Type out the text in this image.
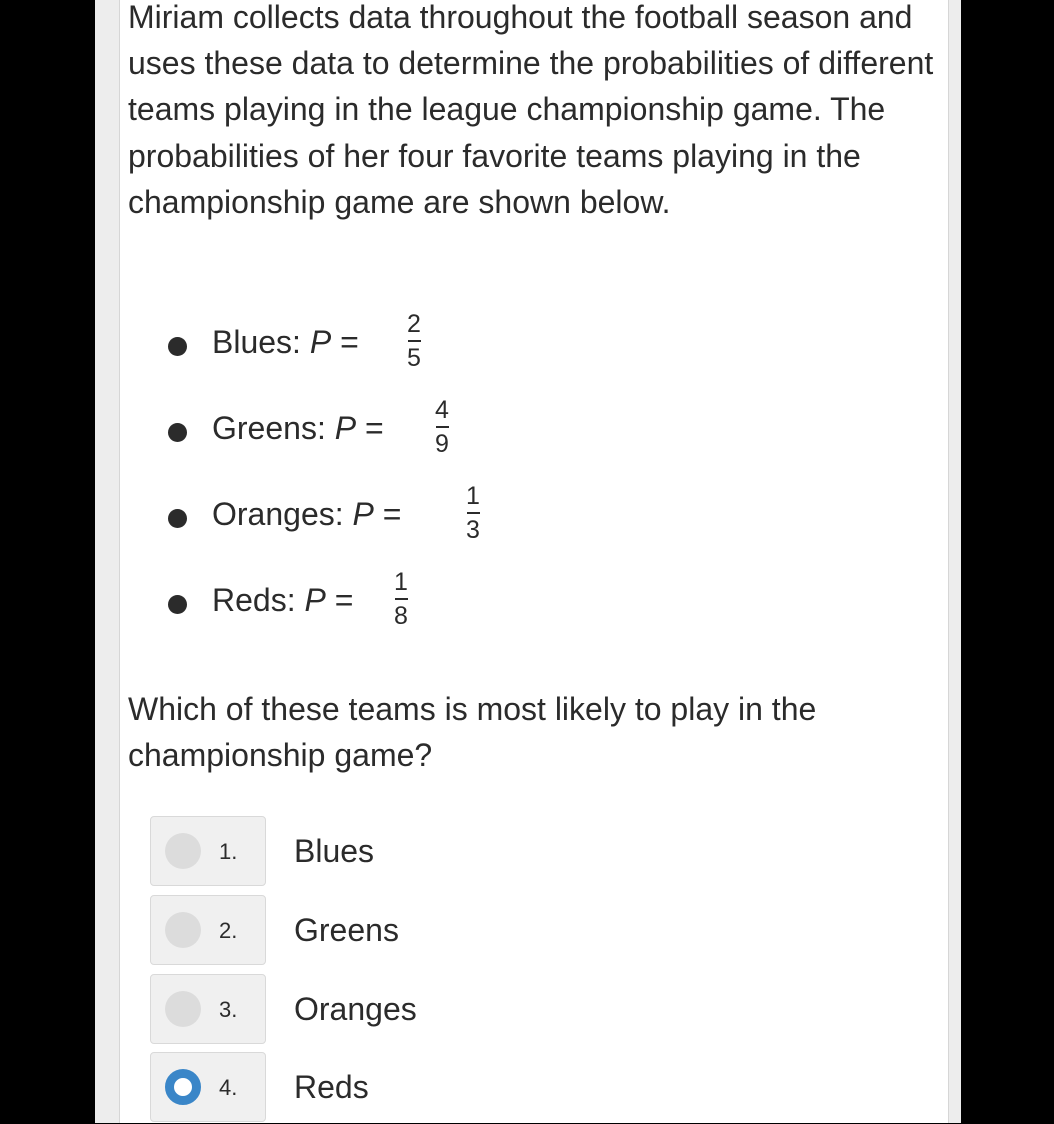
Miriam collects data throughout the football season and uses these data to determine the probabilities of different teams playing in the league championship game. The probabilities of her four favorite teams playing in the championship game are shown below.

Blues: P = 2
5
Greens: P = 4
9
Oranges: P =	1
3
Reds: P = 1
8

Which of these teams is most likely to play in the championship game?

1. Blues
2. Greens
3. Oranges
4. Reds
